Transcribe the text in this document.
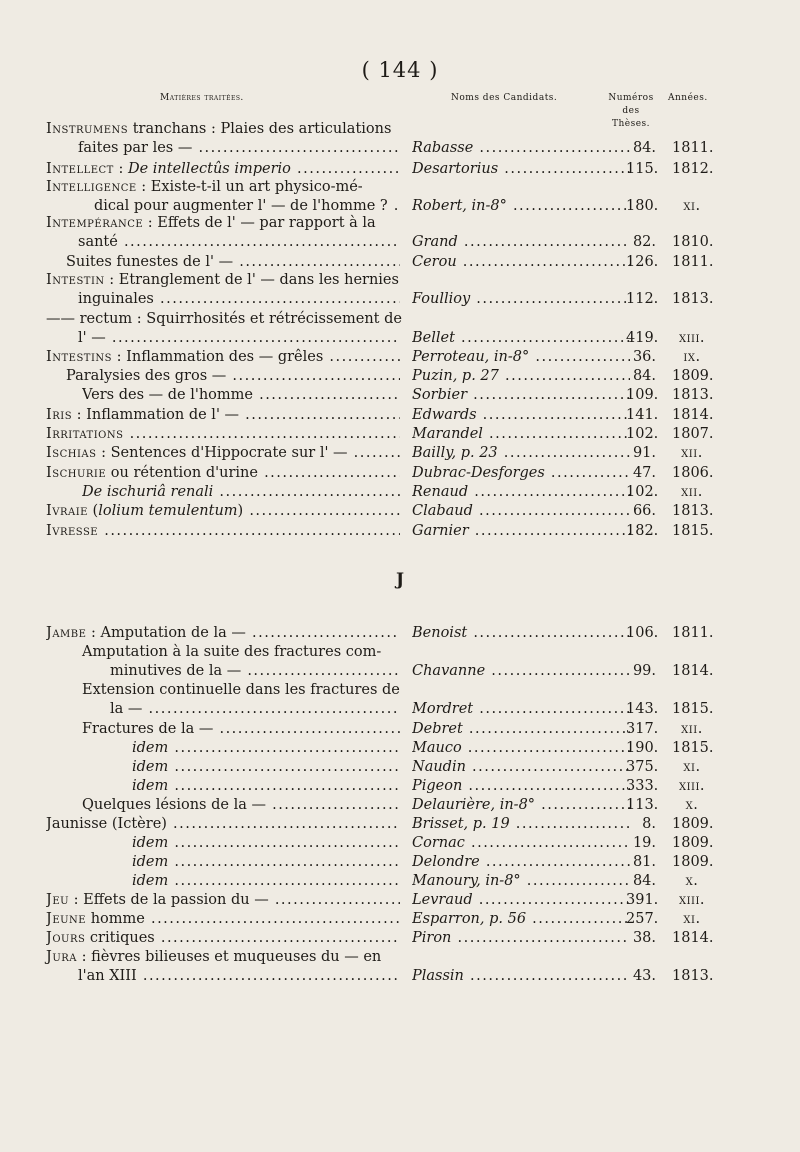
( 144 )
Matières traitées.	Noms des Candidats.	Numéros des Thèses.
Années.
J
Instrumens tranchans : Plaies des articulations
faites par les — .....	Rabasse .....	84. 1811.
Intellect : De intellectûs imperio .....	Desartorius .....	115. 1812.
Intelligence : Existe-t-il un art physico-mé-
dical pour augmenter l' — de l'homme ? .....	Robert, in-8° .....	180.	xi.
Intempérance : Effets de l' — par rapport à la
santé .....	Grand .....	82. 1810.
Suites funestes de l' — .....	Cerou .....	126. 1811.
Intestin : Etranglement de l' — dans les hernies
inguinales .....	Foullioy .....	112. 1813.
—— rectum : Squirrhosités et rétrécissement de
l' — .....	Bellet .....	419.	xiii.
Intestins : Inflammation des — grêles .....	Perroteau, in-8° .....	36.	ix.
Paralysies des gros — .....	Puzin, p. 27 .....	84. 1809.
Vers des — de l'homme .....	Sorbier .....	109. 1813.
Iris : Inflammation de l' — .....	Edwards .....	141. 1814.
Irritations .....	Marandel .....	102. 1807.
Ischias : Sentences d'Hippocrate sur l' — .....	Bailly, p. 23 .....	91.	xii.
Ischurie ou rétention d'urine .....	Dubrac-Desforges .....	47. 1806.
De ischuriâ renali .....	Renaud .....	102.	xii.
Ivraie (lolium temulentum) .....	Clabaud .....	66. 1813.
Ivresse .....	Garnier .....	182. 1815.
Jambe : Amputation de la — .....	Benoist .....	106. 1811.
Amputation à la suite des fractures com-
minutives de la — .....	Chavanne .....	99. 1814.
Extension continuelle dans les fractures de
la — .....	Mordret .....	143. 1815.
Fractures de la — .....	Debret .....	317.	xii.
idem .....	Mauco .....	190. 1815.
idem .....	Naudin .....	375.	xi.
idem .....	Pigeon .....	333.	xiii.
Quelques lésions de la — .....	Delaurière, in-8° .....	113.	x.
Jaunisse (Ictère) .....	Brisset, p. 19 .....	8. 1809.
idem .....	Cornac .....	19. 1809.
idem .....	Delondre .....	81. 1809.
idem .....	Manoury, in-8° .....	84.	x.
Jeu : Effets de la passion du — .....	Levraud .....	391.	xiii.
Jeune homme .....	Esparron, p. 56 .....	257.	xi.
Jours critiques .....	Piron .....	38. 1814.
Jura : fièvres bilieuses et muqueuses du — en
l'an XIII .....	Plassin .....	43. 1813.
